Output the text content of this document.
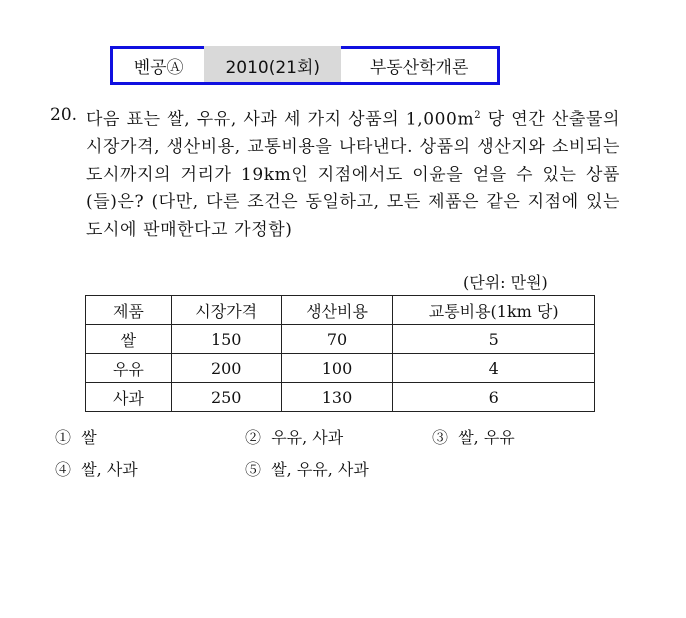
벤공Ⓐ	2010(21회)	부동산학개론
20. 다음 표는 쌀, 우유, 사과 세 가지 상품의 $1,000m^2$ 당 연간 산출물의 시장가격, 생산비용, 교통비용을 나타낸다. 상품의 생산지와 소비되는 도시까지의 거리가 19km인 지점에서도 이윤을 얻을 수 있는 상품(들)은? (다만, 다른 조건은 동일하고, 모든 제품은 같은 지점에 있는 도시에 판매한다고 가정함)
(단위: 만원)
제품	시장가격	생산비용	교통비용(1km 당)
쌀	150	70	5
우유	200	100	4
사과	250	130	6
① 쌀	② 우유, 사과	③ 쌀, 우유
④ 쌀, 사과	⑤ 쌀, 우유, 사과
